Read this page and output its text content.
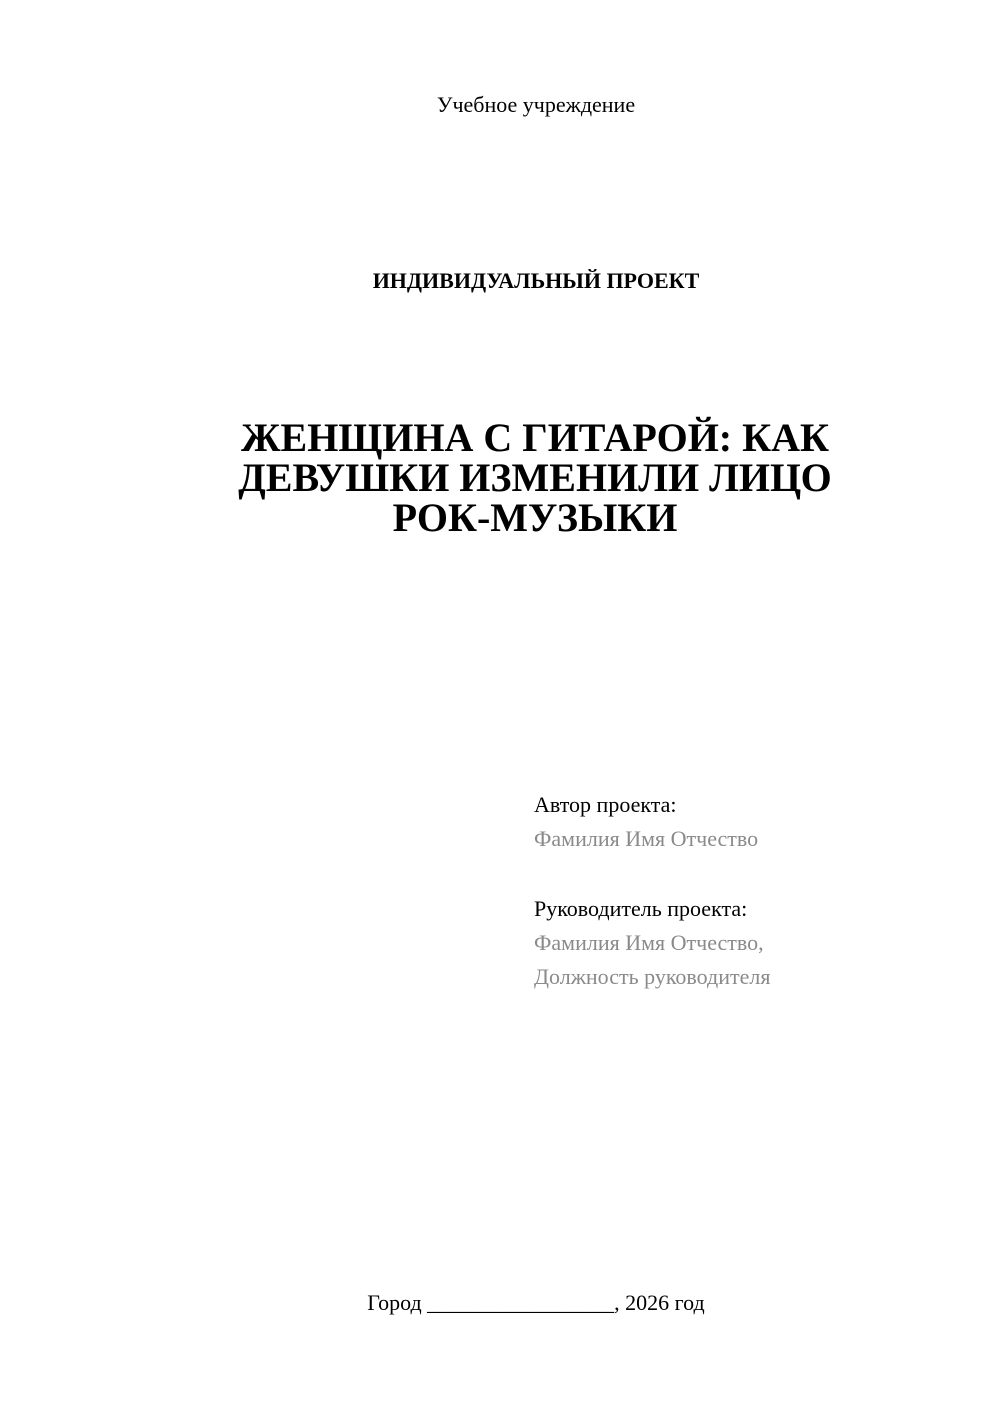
Учебное учреждение
ИНДИВИДУАЛЬНЫЙ ПРОЕКТ
ЖЕНЩИНА С ГИТАРОЙ: КАК
ДЕВУШКИ ИЗМЕНИЛИ ЛИЦО
РОК-МУЗЫКИ
Автор проекта:
Фамилия Имя Отчество
Руководитель проекта:
Фамилия Имя Отчество,
Должность руководителя
Город _________________, 2026 год
